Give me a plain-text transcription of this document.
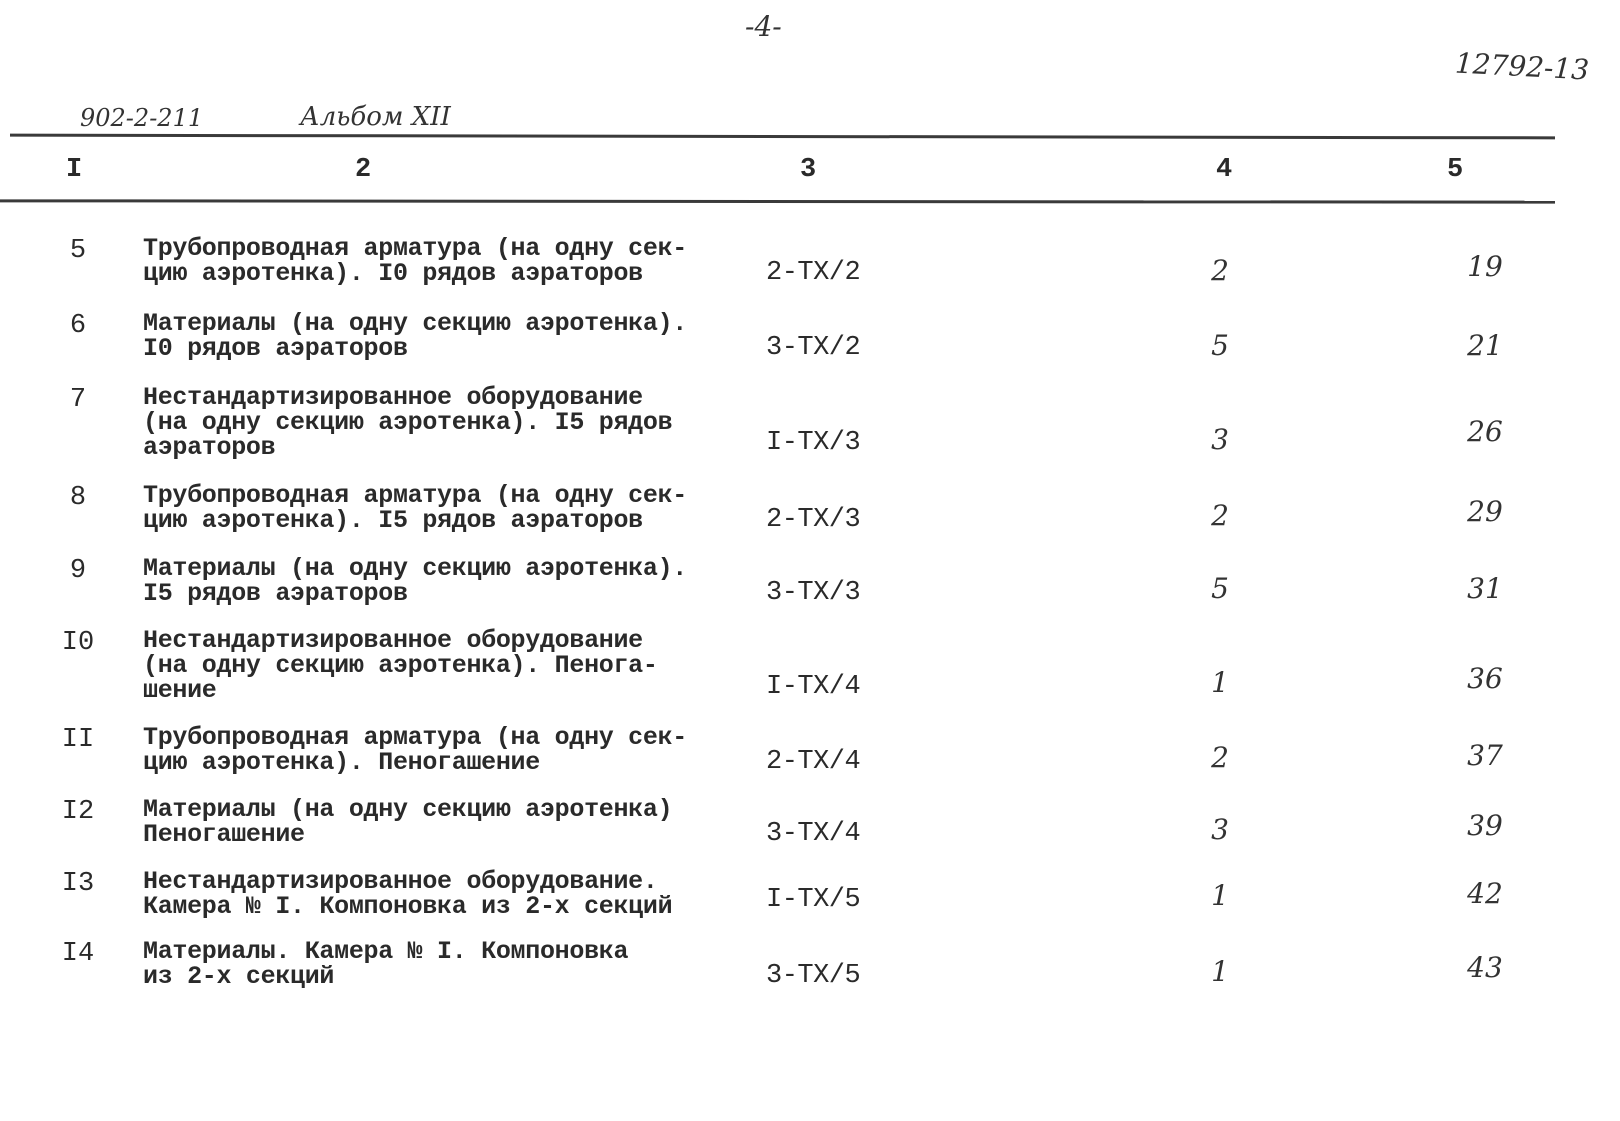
-4-
12792-13
902-2-211	Альбом XII
I	2	3	4	5
5	Трубопроводная арматура (на одну сек-
цию аэротенка). I0 рядов аэраторов	2-ТХ/2	2	19
6	Материалы (на одну секцию аэротенка).
I0 рядов аэраторов	3-ТХ/2	5	21
7	Нестандартизированное оборудование
(на одну секцию аэротенка). I5 рядов
аэраторов	I-ТХ/3	3	26
8	Трубопроводная арматура (на одну сек-
цию аэротенка). I5 рядов аэраторов	2-ТХ/3	2	29
9	Материалы (на одну секцию аэротенка).
I5 рядов аэраторов	3-ТХ/3	5	31
I0	Нестандартизированное оборудование
(на одну секцию аэротенка). Пенога-
шение	I-ТХ/4	1	36
II	Трубопроводная арматура (на одну сек-
цию аэротенка). Пеногашение	2-ТХ/4	2	37
I2	Материалы (на одну секцию аэротенка)
Пеногашение	3-ТХ/4	3	39
I3	Нестандартизированное оборудование.
Камера № I. Компоновка из 2-х секций	I-ТХ/5	1	42
I4	Материалы. Камера № I. Компоновка
из 2-х секций	3-ТХ/5	1	43
